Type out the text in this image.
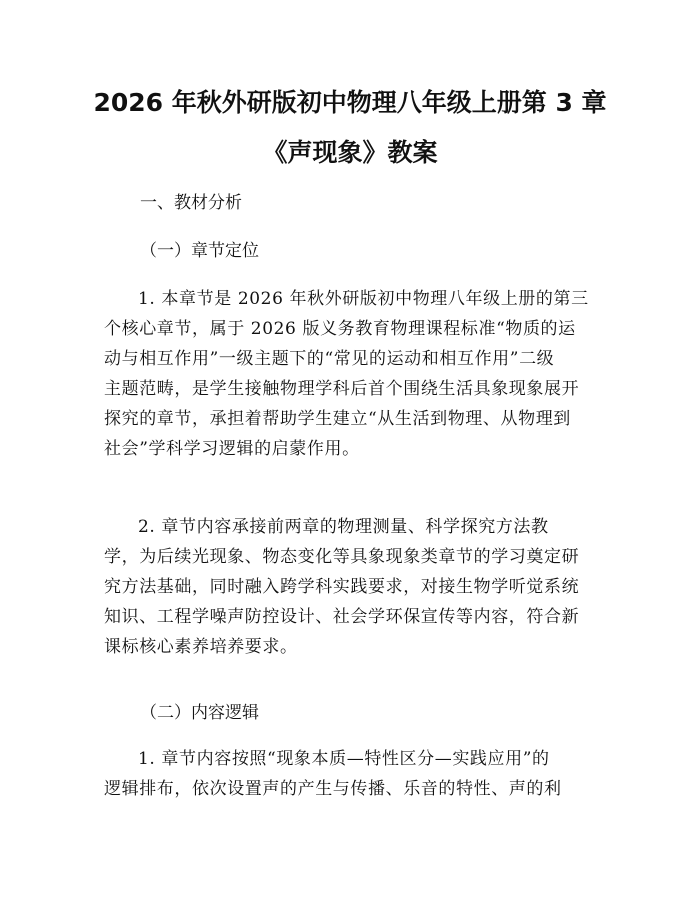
2026 年秋外研版初中物理八年级上册第 3 章
《声现象》教案

一、教材分析

（一）章节定位

1. 本章节是 2026 年秋外研版初中物理八年级上册的第三
个核心章节，属于 2026 版义务教育物理课程标准“物质的运
动与相互作用”一级主题下的“常见的运动和相互作用”二级
主题范畴，是学生接触物理学科后首个围绕生活具象现象展开
探究的章节，承担着帮助学生建立“从生活到物理、从物理到
社会”学科学习逻辑的启蒙作用。
2. 章节内容承接前两章的物理测量、科学探究方法教
学，为后续光现象、物态变化等具象现象类章节的学习奠定研
究方法基础，同时融入跨学科实践要求，对接生物学听觉系统
知识、工程学噪声防控设计、社会学环保宣传等内容，符合新
课标核心素养培养要求。

（二）内容逻辑

1. 章节内容按照“现象本质—特性区分—实践应用”的
逻辑排布，依次设置声的产生与传播、乐音的特性、声的利
